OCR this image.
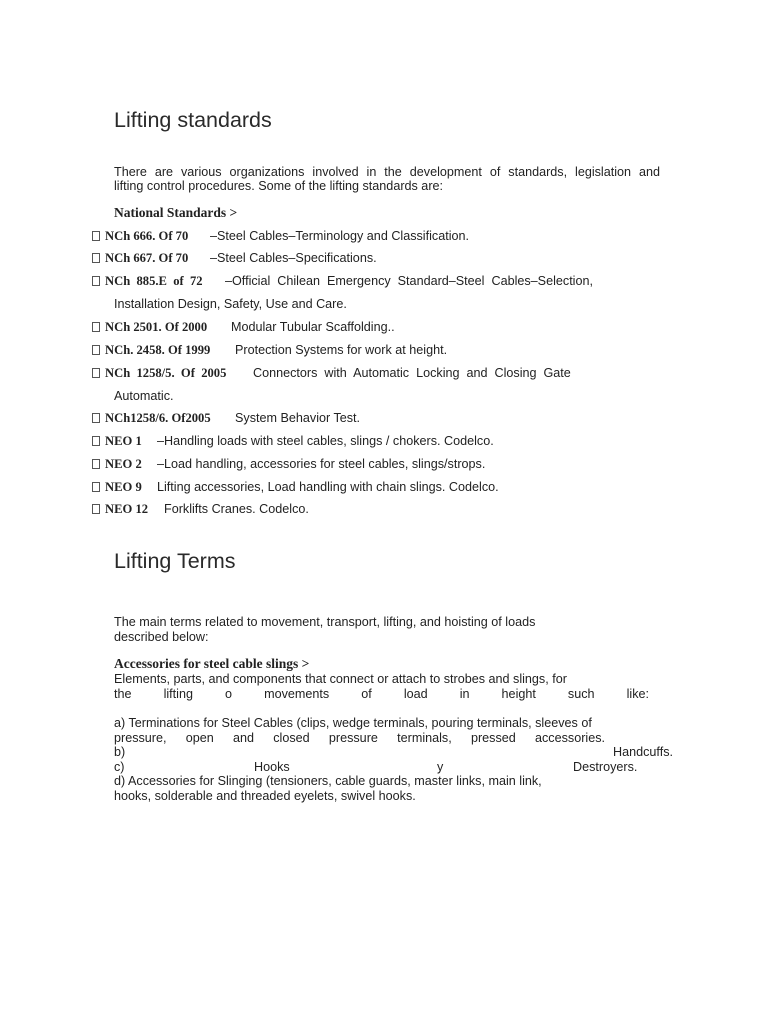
Lifting standards

There are various organizations involved in the development of standards, legislation and

lifting control procedures. Some of the lifting standards are:

National Standards >

NCh 666. Of 70 –Steel Cables–Terminology and Classification.
NCh 667. Of 70 –Steel Cables–Specifications.
NCh  885.E  of  72 –Official  Chilean  Emergency  Standard–Steel  Cables–Selection,
Installation Design, Safety, Use and Care.
NCh 2501. Of 2000 Modular Tubular Scaffolding..
NCh. 2458. Of 1999 Protection Systems for work at height.
NCh  1258/5.  Of  2005 Connectors  with  Automatic  Locking  and  Closing  Gate
Automatic.
NCh1258/6. Of2005 System Behavior Test.
NEO 1 –Handling loads with steel cables, slings / chokers. Codelco.
NEO 2 –Load handling, accessories for steel cables, slings/strops.
NEO 9 Lifting accessories, Load handling with chain slings. Codelco.
NEO 12 Forklifts Cranes. Codelco.
Lifting Terms

The main terms related to movement, transport, lifting, and hoisting of loads

described below:

Accessories for steel cable slings >

Elements, parts, and components that connect or attach to strobes and slings, for

the lifting o movements of load in height such like:

a) Terminations for Steel Cables (clips, wedge terminals, pouring terminals, sleeves of

pressure, open and closed pressure terminals, pressed accessories.

b)	Handcuffs.
c)	Hooks	y	Destroyers.

d) Accessories for Slinging (tensioners, cable guards, master links, main link,

hooks, solderable and threaded eyelets, swivel hooks.
